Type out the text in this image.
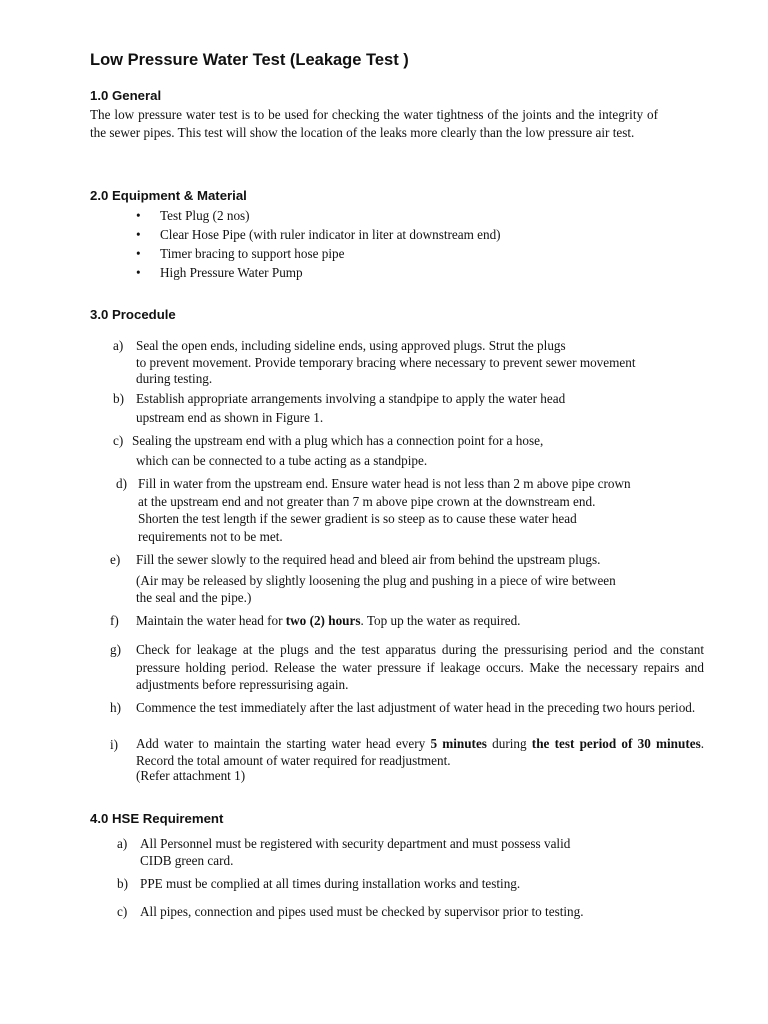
Low Pressure Water Test (Leakage Test )
1.0 General
The low pressure water test is to be used for checking the water tightness of the joints and the integrity of the sewer pipes. This test will show the location of the leaks more clearly than the low pressure air test.
2.0 Equipment & Material
• Test Plug (2 nos)
• Clear Hose Pipe (with ruler indicator in liter at downstream end)
• Timer bracing to support hose pipe
• High Pressure Water Pump
3.0 Procedule
a) Seal the open ends, including sideline ends, using approved plugs. Strut the plugs
to prevent movement. Provide temporary bracing where necessary to prevent sewer movement
during testing.
b) Establish appropriate arrangements involving a standpipe to apply the water head
upstream end as shown in Figure 1.
c) Sealing the upstream end with a plug which has a connection point for a hose,
which can be connected to a tube acting as a standpipe.
d) Fill in water from the upstream end. Ensure water head is not less than 2 m above pipe crown
at the upstream end and not greater than 7 m above pipe crown at the downstream end.
Shorten the test length if the sewer gradient is so steep as to cause these water head
requirements not to be met.
e) Fill the sewer slowly to the required head and bleed air from behind the upstream plugs.
(Air may be released by slightly loosening the plug and pushing in a piece of wire between
the seal and the pipe.)
f) Maintain the water head for two (2) hours. Top up the water as required.
g) Check for leakage at the plugs and the test apparatus during the pressurising period and the constant pressure holding period. Release the water pressure if leakage occurs. Make the necessary repairs and adjustments before repressurising again.
h) Commence the test immediately after the last adjustment of water head in the preceding two hours period.
i) Add water to maintain the starting water head every 5 minutes during the test period of 30 minutes. Record the total amount of water required for readjustment.
(Refer attachment 1)
4.0 HSE Requirement
a) All Personnel must be registered with security department and must possess valid
CIDB green card.
b) PPE must be complied at all times during installation works and testing.
c) All pipes, connection and pipes used must be checked by supervisor prior to testing.
